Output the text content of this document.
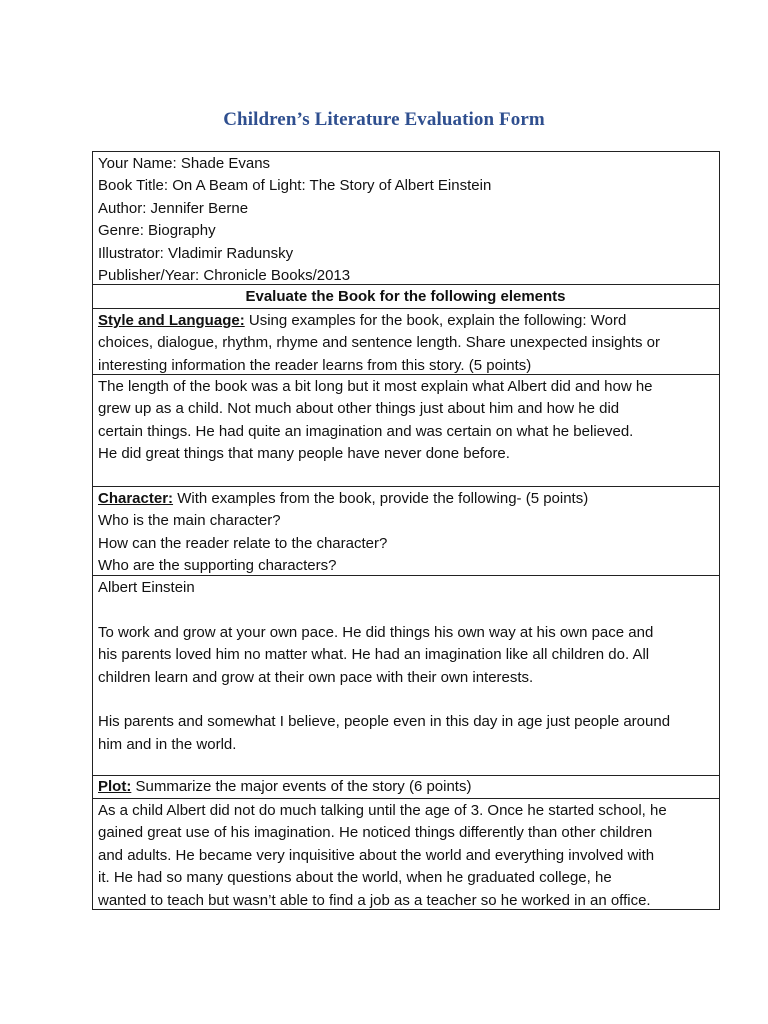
Children’s Literature Evaluation Form
Your Name: Shade Evans
Book Title: On A Beam of Light: The Story of Albert Einstein
Author: Jennifer Berne
Genre: Biography
Illustrator: Vladimir Radunsky
Publisher/Year: Chronicle Books/2013
Evaluate the Book for the following elements
Style and Language: Using examples for the book, explain the following: Word
choices, dialogue, rhythm, rhyme and sentence length. Share unexpected insights or
interesting information the reader learns from this story. (5 points)
The length of the book was a bit long but it most explain what Albert did and how he
grew up as a child. Not much about other things just about him and how he did
certain things. He had quite an imagination and was certain on what he believed.
He did great things that many people have never done before.
Character: With examples from the book, provide the following- (5 points)
Who is the main character?
How can the reader relate to the character?
Who are the supporting characters?
Albert Einstein
To work and grow at your own pace. He did things his own way at his own pace and
his parents loved him no matter what. He had an imagination like all children do. All
children learn and grow at their own pace with their own interests.
His parents and somewhat I believe, people even in this day in age just people around
him and in the world.
Plot: Summarize the major events of the story (6 points)
As a child Albert did not do much talking until the age of 3. Once he started school, he
gained great use of his imagination. He noticed things differently than other children
and adults. He became very inquisitive about the world and everything involved with
it. He had so many questions about the world, when he graduated college, he
wanted to teach but wasn’t able to find a job as a teacher so he worked in an office.
